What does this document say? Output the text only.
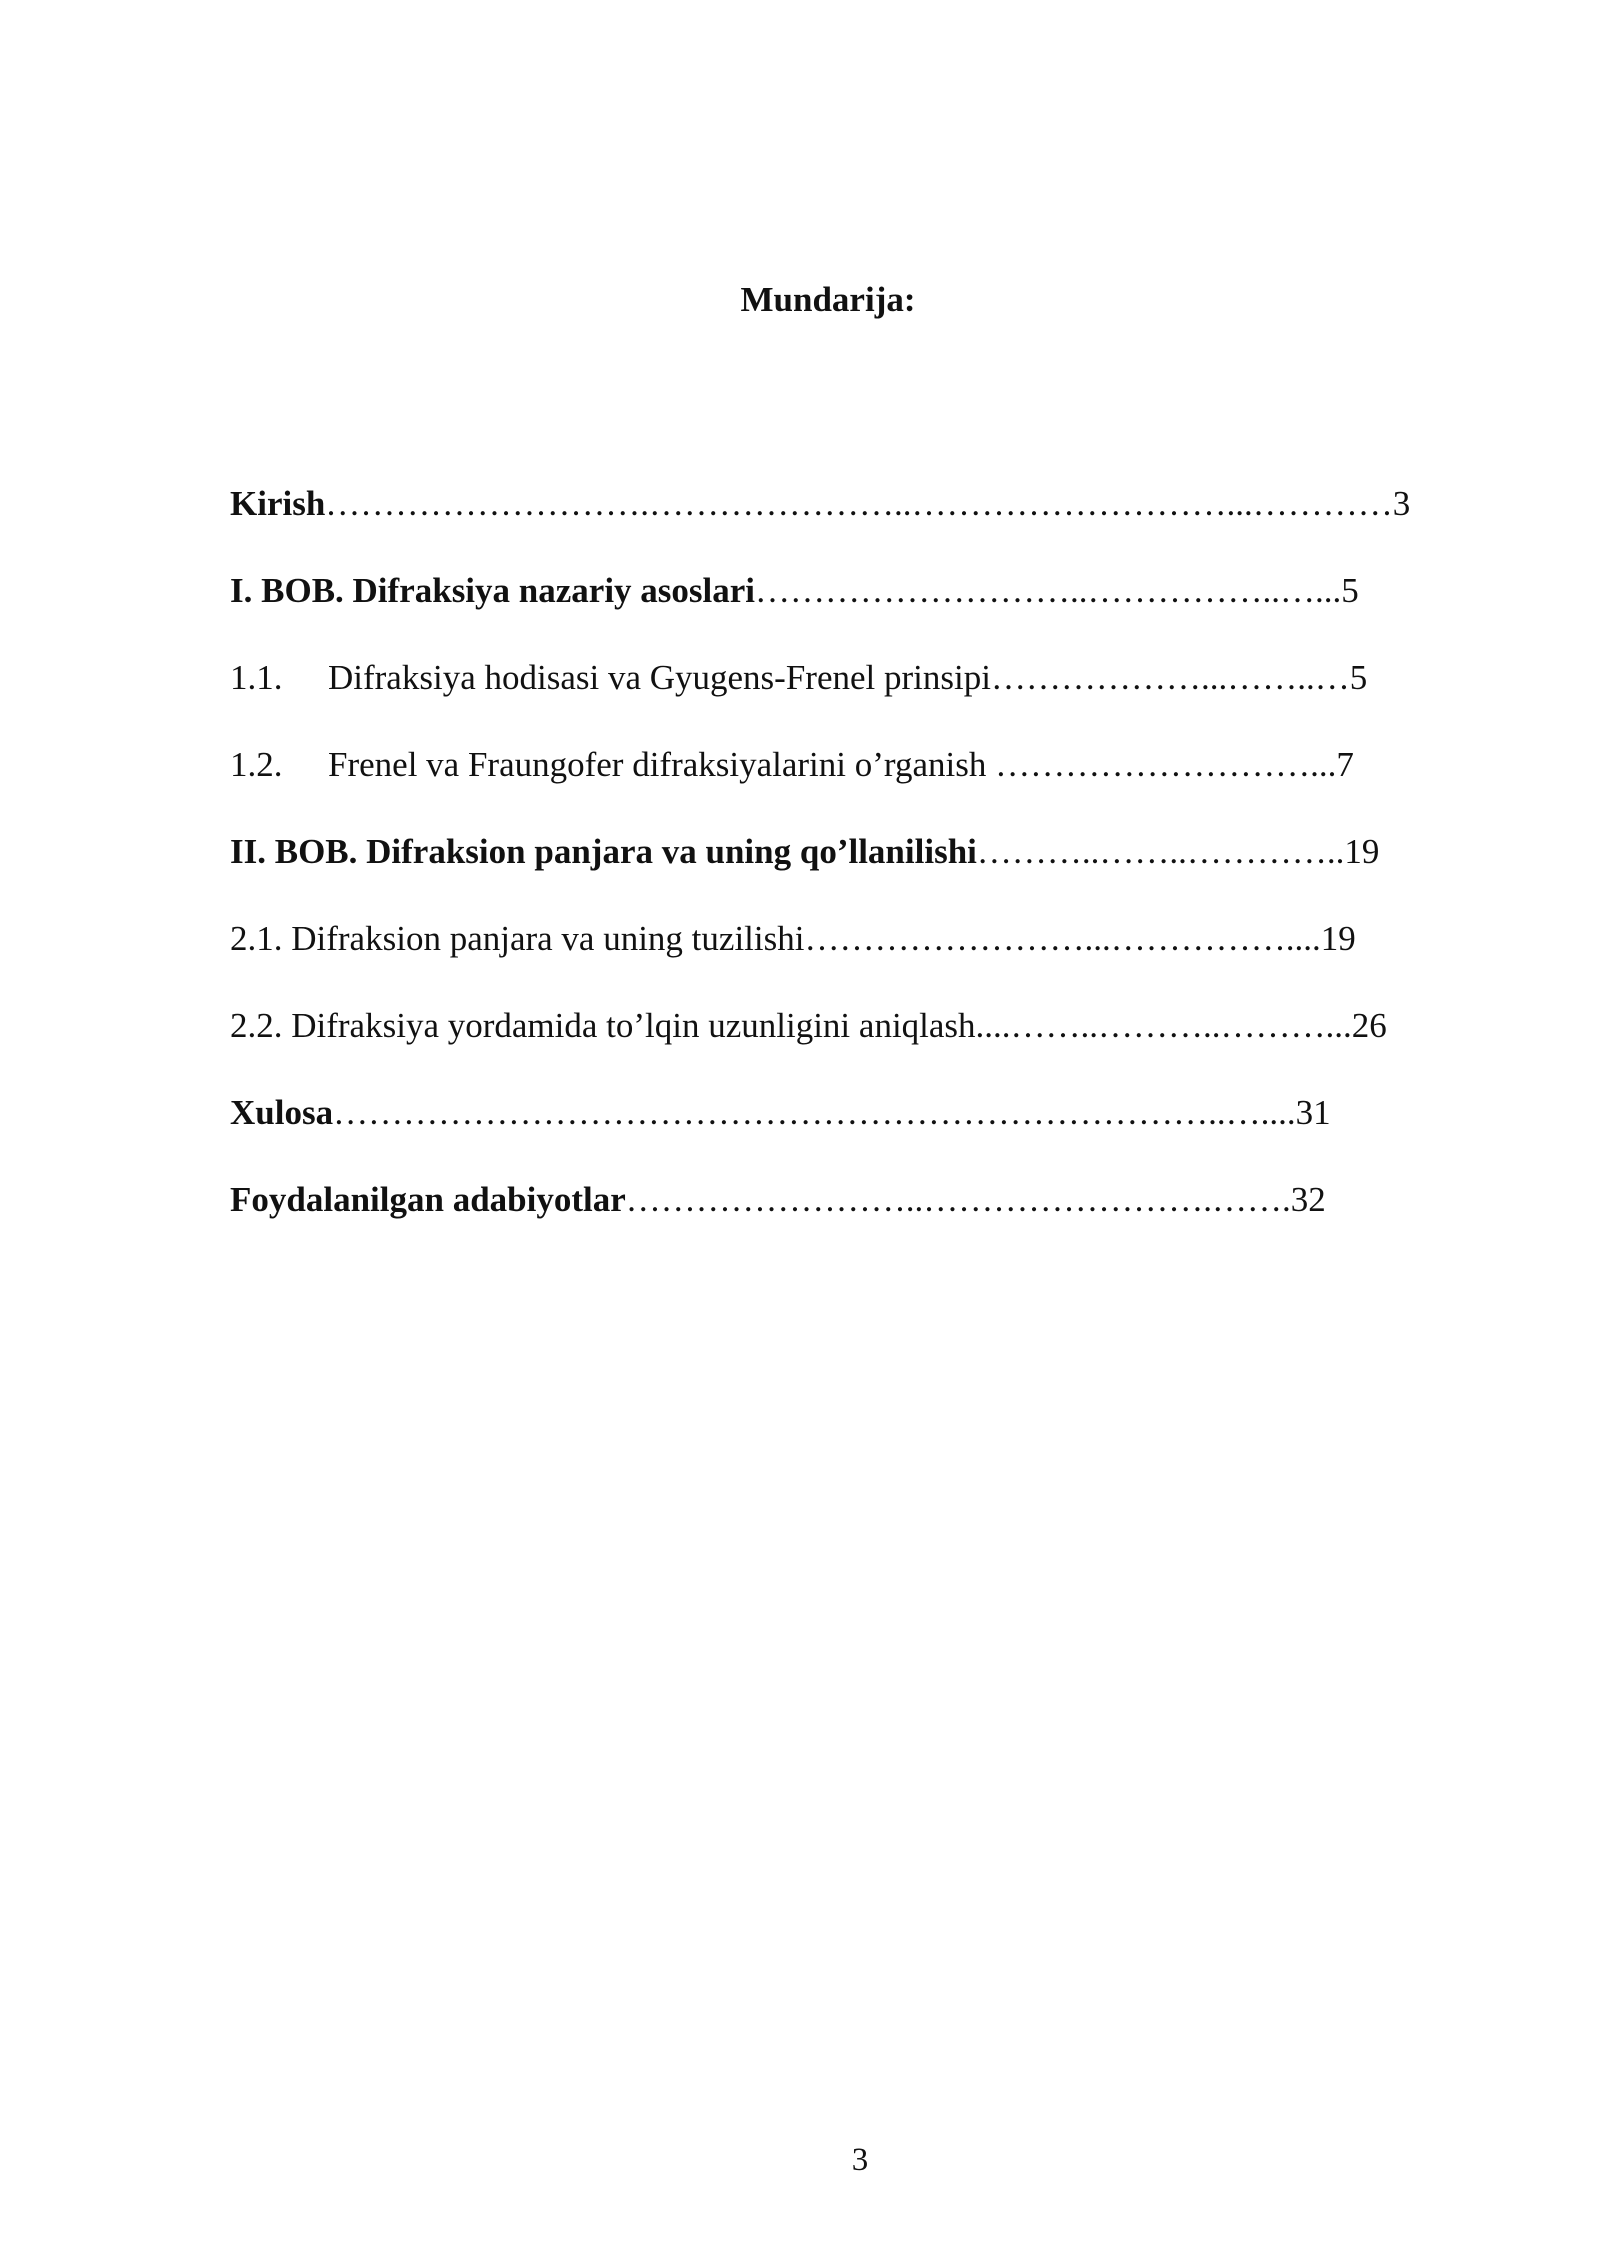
Mundarija:
Kirish……………………….…………………..………………………...…………3
I. BOB. Difraksiya nazariy asoslari………………………..……………..…...5
1.1. Difraksiya hodisasi va Gyugens-Frenel prinsipi………………...……..…5
1.2. Frenel va Fraungofer difraksiyalarini o’rganish ………………………...7
II. BOB. Difraksion panjara va uning qo’llanilishi………..……..…………..19
2.1. Difraksion panjara va uning tuzilishi……………………...……………....19
2.2. Difraksiya yordamida to’lqin uzunligini aniqlash....……..………..………...26
Xulosa…………………………………………………………………..…....31
Foydalanilgan adabiyotlar……………………..…………………….…….32
3
